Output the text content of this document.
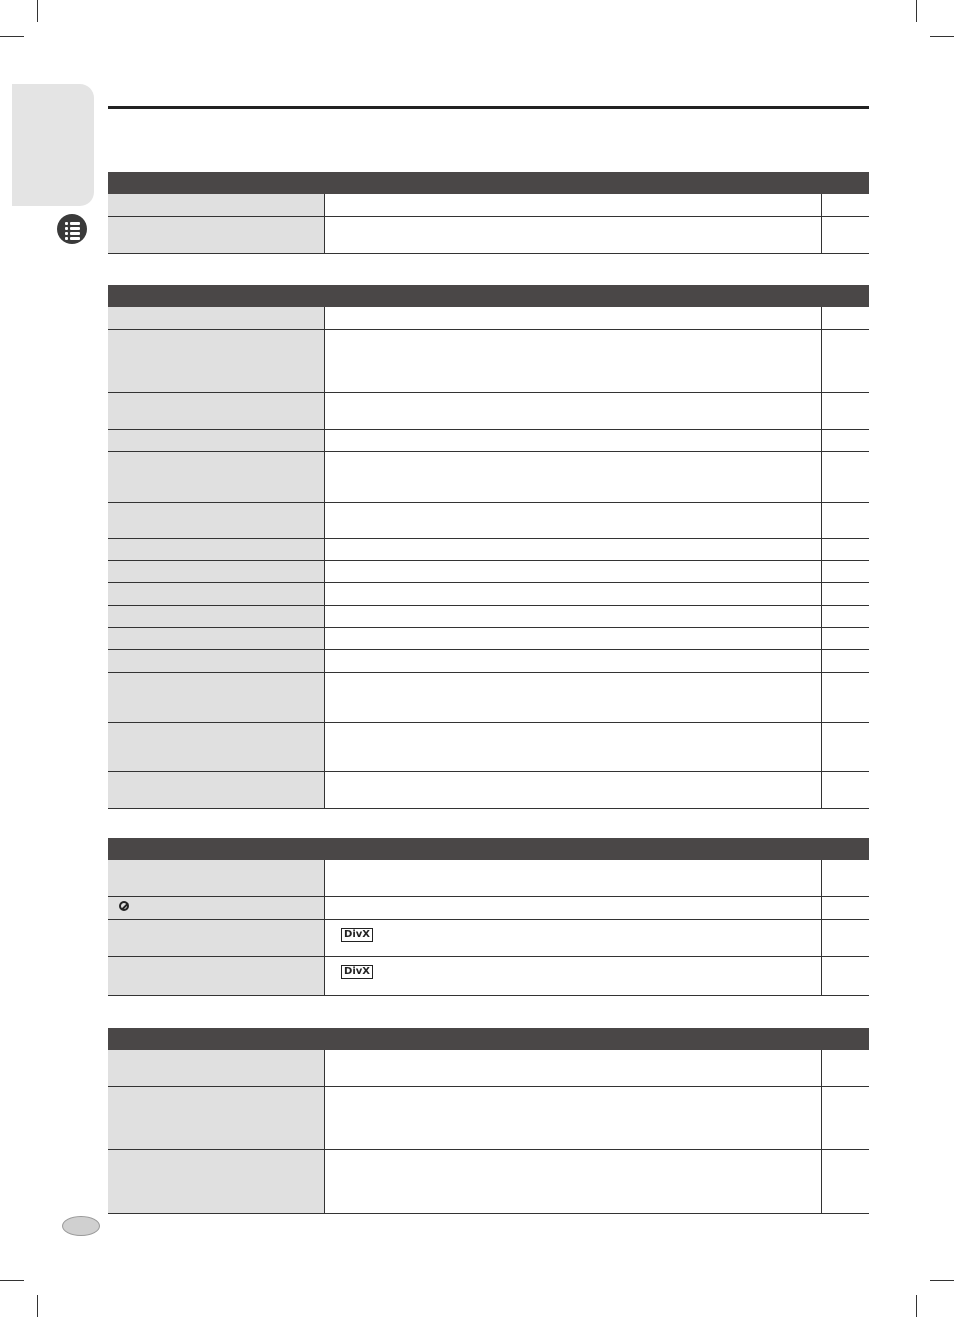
DivX
DivX
